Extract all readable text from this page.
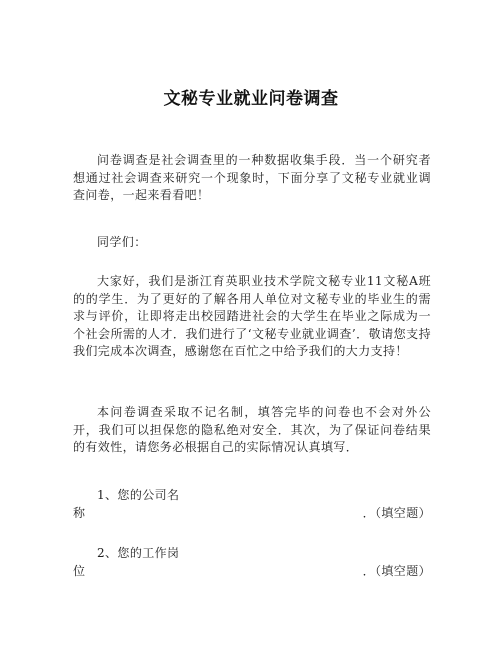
文秘专业就业问卷调查

问卷调查是社会调查里的一种数据收集手段．当一个研究者想通过社会调查来研究一个现象时，下面分享了文秘专业就业调查问卷，一起来看看吧！

同学们：

大家好，我们是浙江育英职业技术学院文秘专业11文秘A班的的学生．为了更好的了解各用人单位对文秘专业的毕业生的需求与评价，让即将走出校园踏进社会的大学生在毕业之际成为一个社会所需的人才．我们进行了‘文秘专业就业调查’．敬请您支持我们完成本次调查，感谢您在百忙之中给予我们的大力支持！

本问卷调查采取不记名制，填答完毕的问卷也不会对外公开，我们可以担保您的隐私绝对安全．其次，为了保证问卷结果的有效性，请您务必根据自己的实际情况认真填写．

1、您的公司名
称	．（填空题）
2、您的工作岗
位	．（填空题）
